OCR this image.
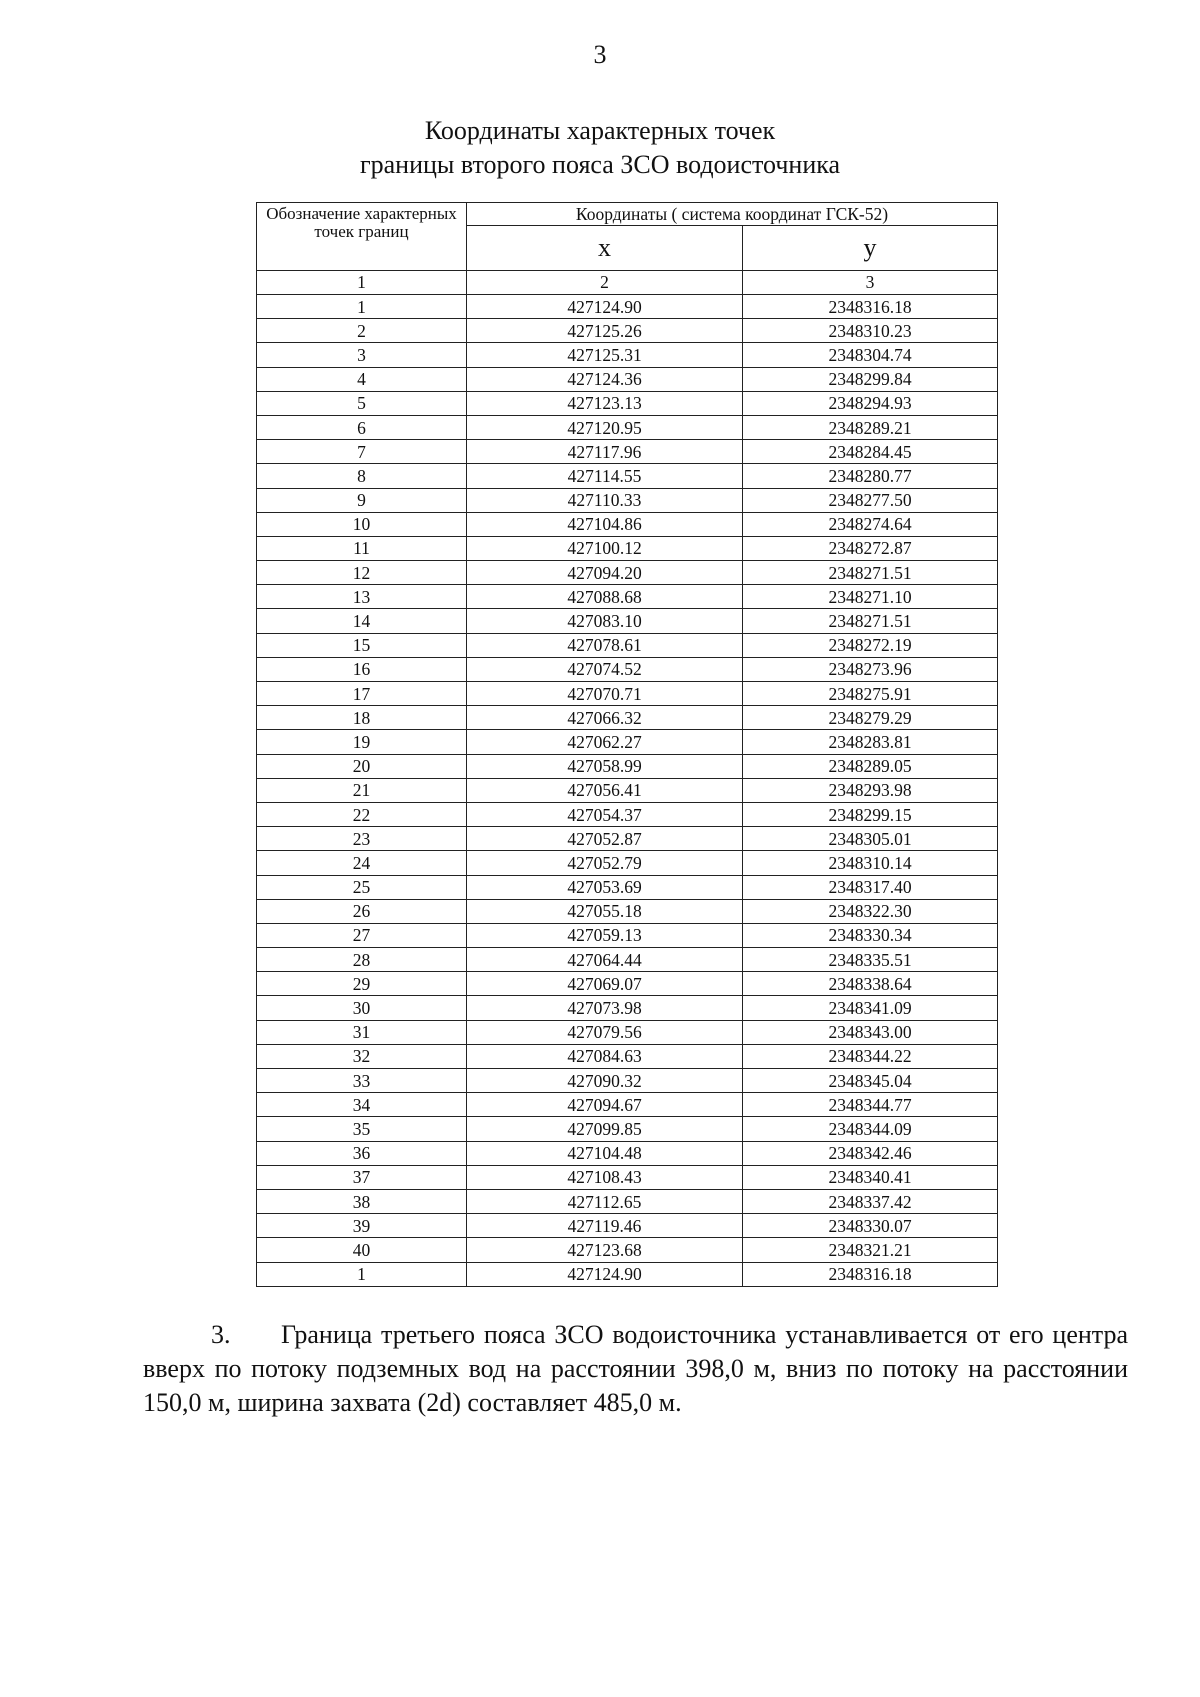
3
Координаты характерных точек
границы второго пояса ЗСО водоисточника
Обозначение характерных точек границ	Координаты ( система координат ГСК-52)	
	x	y
1	2	3
1	427124.90	2348316.18
2	427125.26	2348310.23
3	427125.31	2348304.74
4	427124.36	2348299.84
5	427123.13	2348294.93
6	427120.95	2348289.21
7	427117.96	2348284.45
8	427114.55	2348280.77
9	427110.33	2348277.50
10	427104.86	2348274.64
11	427100.12	2348272.87
12	427094.20	2348271.51
13	427088.68	2348271.10
14	427083.10	2348271.51
15	427078.61	2348272.19
16	427074.52	2348273.96
17	427070.71	2348275.91
18	427066.32	2348279.29
19	427062.27	2348283.81
20	427058.99	2348289.05
21	427056.41	2348293.98
22	427054.37	2348299.15
23	427052.87	2348305.01
24	427052.79	2348310.14
25	427053.69	2348317.40
26	427055.18	2348322.30
27	427059.13	2348330.34
28	427064.44	2348335.51
29	427069.07	2348338.64
30	427073.98	2348341.09
31	427079.56	2348343.00
32	427084.63	2348344.22
33	427090.32	2348345.04
34	427094.67	2348344.77
35	427099.85	2348344.09
36	427104.48	2348342.46
37	427108.43	2348340.41
38	427112.65	2348337.42
39	427119.46	2348330.07
40	427123.68	2348321.21
1	427124.90	2348316.18
3. Граница третьего пояса ЗСО водоисточника устанавливается от его центра вверх по потоку подземных вод на расстоянии 398,0 м, вниз по потоку на расстоянии 150,0 м, ширина захвата (2d) составляет 485,0 м.
